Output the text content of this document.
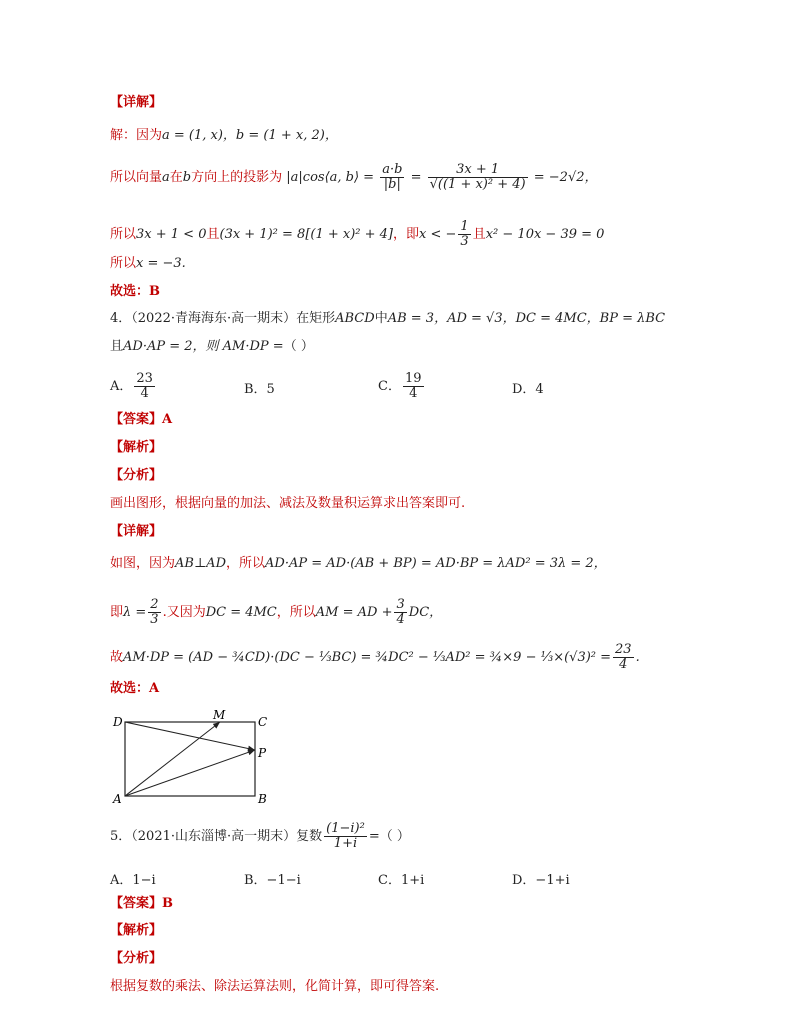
【详解】
解：因为a = (1, x)，b = (1 + x, 2)，
所以向量a在b方向上的投影为 |a|cos⟨a, b⟩ = $\frac{a\cdot b}{|b|} = \frac{3x + 1}{\text{√((1 + x)² + 4)}} = -2√2$，
所以3x + 1 < 0且(3x + 1)² = 8[(1 + x)² + 4]，即x < − $\frac{1}{3}$ 且x² − 10x − 39 = 0
所以x = −3.
故选：B
4．（2022·青海海东·高一期末）在矩形ABCD中AB = 3，AD = √3，DC = 4MC，BP = λBC
且AD·AP = 2，则 AM·DP =（ ）
A． $\frac{23}{4}$	B．5	C． $\frac{19}{4}$	D．4
【答案】A
【解析】
【分析】
画出图形，根据向量的加法、减法及数量积运算求出答案即可.
【详解】
如图，因为AB⊥AD，所以AD·AP = AD·(AB + BP) = AD·BP = λAD² = 3λ = 2，
即$\lambda = \frac{2}{3}$ .又因为DC = 4MC，所以AM = AD + $\frac{3}{4}$ DC，
故AM·DP = (AD − ¾CD)·(DC − ⅓BC) = ¾DC² − ⅓AD² = ¾×9 − ⅓×(√3)² = $\frac{23}{4}$ .
故选：A
D	M	C
P
A	B
5．（2021·山东淄博·高一期末）复数 $\frac{\text{(1−i)²}}{1+i}$ =（ ）
A．1−i	B．−1−i	C．1+i	D．−1+i
【答案】B
【解析】
【分析】
根据复数的乘法、除法运算法则，化简计算，即可得答案.
